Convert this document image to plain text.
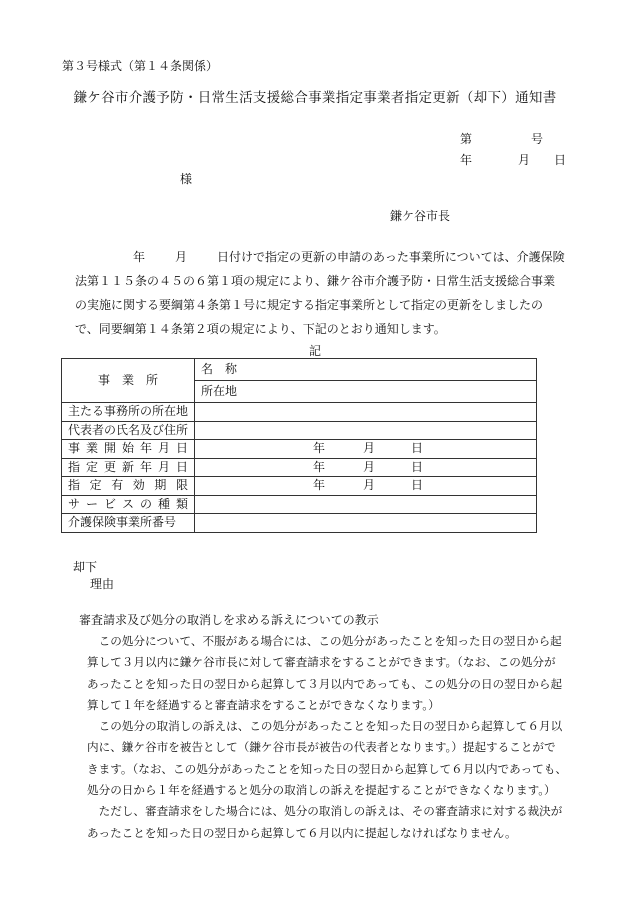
第３号様式（第１４条関係）
鎌ケ谷市介護予防・日常生活支援総合事業指定事業者指定更新（却下）通知書
第	号
年	月 日
様
鎌ケ谷市長
年	月	日付けで指定の更新の申請のあった事業所については、介護保険法第１１５条の４５の６第１項の規定により、鎌ケ谷市介護予防・日常生活支援総合事業の実施に関する要綱第４条第１号に規定する指定事業所として指定の更新をしましたので、同要綱第１４条第２項の規定により、下記のとおり通知します。
記
事　業　所	名　称
	所在地
主たる事務所の所在地	
代表者の氏名及び住所	
事業開始年月日	年 月 日

指定更新年月日	年 月 日

指定有効期限	年 月 日

サービスの種類	
介護保険事業所番号	
却下
理由
審査請求及び処分の取消しを求める訴えについての教示

この処分について、不服がある場合には、この処分があったことを知った日の翌日から起算して３月以内に鎌ケ谷市長に対して審査請求をすることができます。（なお、この処分があったことを知った日の翌日から起算して３月以内であっても、この処分の日の翌日から起算して１年を経過すると審査請求をすることができなくなります。）

この処分の取消しの訴えは、この処分があったことを知った日の翌日から起算して６月以内に、鎌ケ谷市を被告として（鎌ケ谷市長が被告の代表者となります。）提起することができます。（なお、この処分があったことを知った日の翌日から起算して６月以内であっても、処分の日から１年を経過すると処分の取消しの訴えを提起することができなくなります。）

ただし、審査請求をした場合には、処分の取消しの訴えは、その審査請求に対する裁決があったことを知った日の翌日から起算して６月以内に提起しなければなりません。
